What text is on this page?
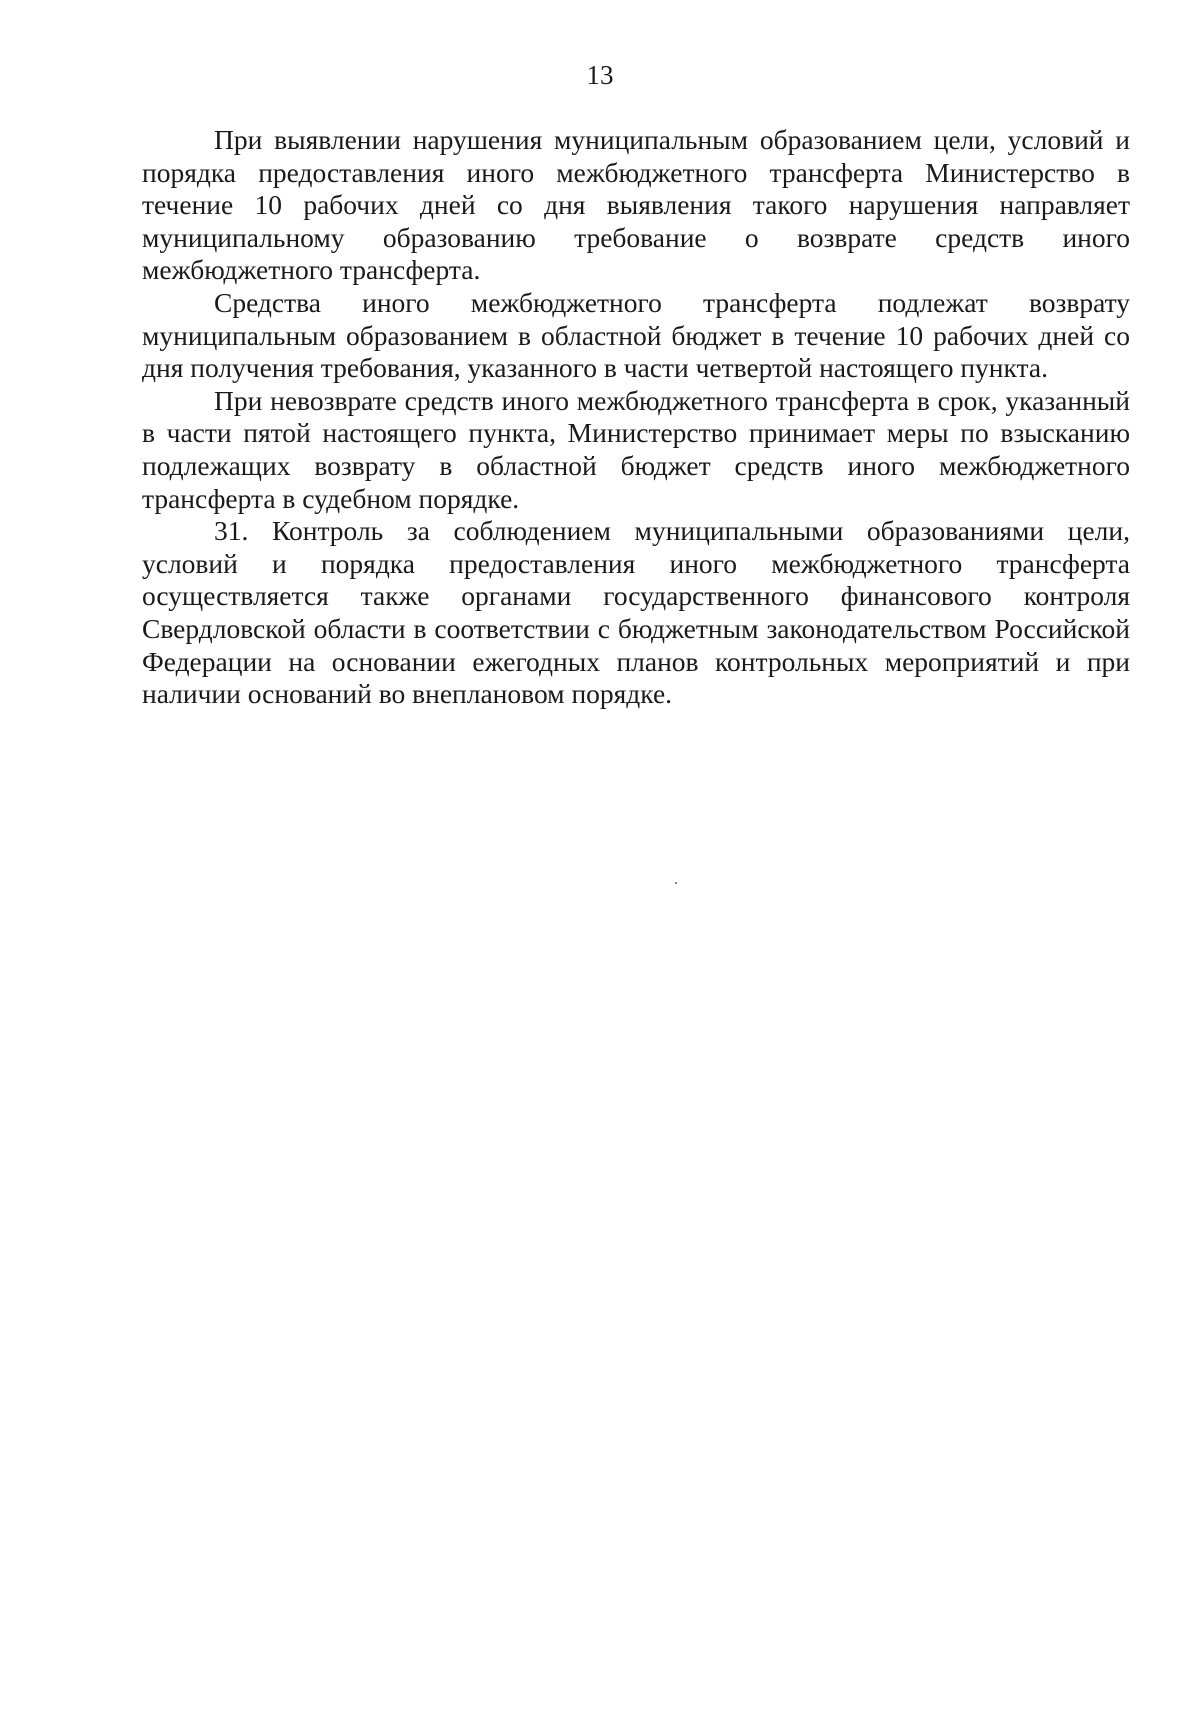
13

При выявлении нарушения муниципальным образованием цели, условий и порядка предоставления иного межбюджетного трансферта Министерство в течение 10 рабочих дней со дня выявления такого нарушения направляет муниципальному образованию требование о возврате средств иного межбюджетного трансферта.

Средства иного межбюджетного трансферта подлежат возврату муниципальным образованием в областной бюджет в течение 10 рабочих дней со дня получения требования, указанного в части четвертой настоящего пункта.

При невозврате средств иного межбюджетного трансферта в срок, указанный в части пятой настоящего пункта, Министерство принимает меры по взысканию подлежащих возврату в областной бюджет средств иного межбюджетного трансферта в судебном порядке.

31. Контроль за соблюдением муниципальными образованиями цели, условий и порядка предоставления иного межбюджетного трансферта осуществляется также органами государственного финансового контроля Свердловской области в соответствии с бюджетным законодательством Российской Федерации на основании ежегодных планов контрольных мероприятий и при наличии оснований во внеплановом порядке.
